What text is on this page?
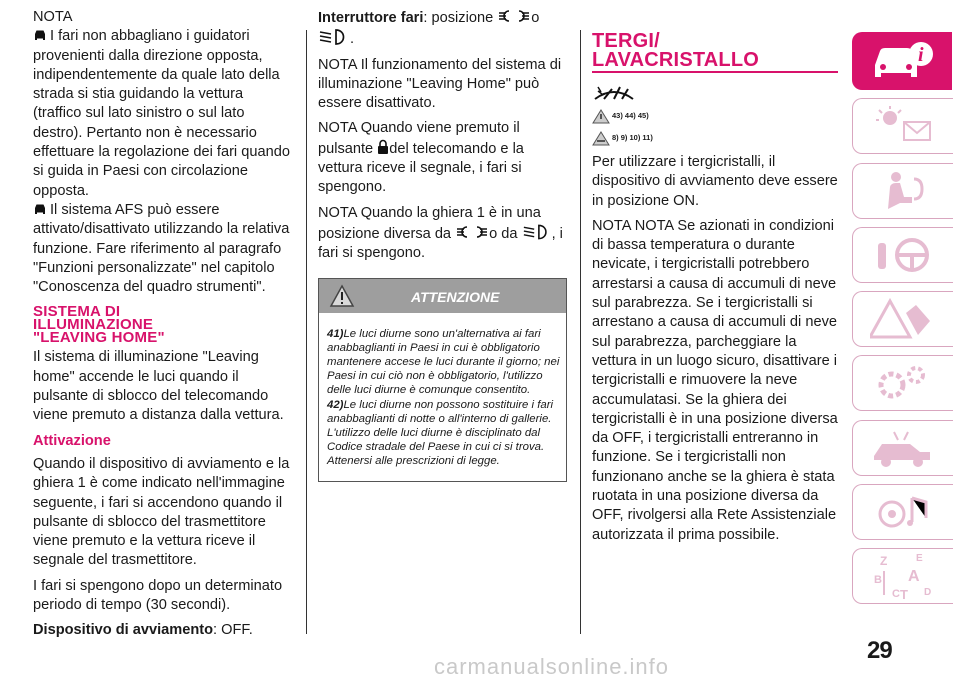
NOTA

I fari non abbagliano i guidatori provenienti dalla direzione opposta, indipendentemente da quale lato della strada si stia guidando la vettura (traffico sul lato sinistro o sul lato destro). Pertanto non è necessario effettuare la regolazione dei fari quando si guida in Paesi con circolazione opposta.

Il sistema AFS può essere attivato/disattivato utilizzando la relativa funzione. Fare riferimento al paragrafo "Funzioni personalizzate" nel capitolo "Conoscenza del quadro strumenti".

SISTEMA DI
ILLUMINAZIONE
"LEAVING HOME"

Il sistema di illuminazione "Leaving home" accende le luci quando il pulsante di sblocco del telecomando viene premuto a distanza dalla vettura.

Attivazione

Quando il dispositivo di avviamento e la ghiera 1 è come indicato nell'immagine seguente, i fari si accendono quando il pulsante di sblocco del trasmettitore viene premuto e la vettura riceve il segnale del trasmettitore.

I fari si spengono dopo un determinato periodo di tempo (30 secondi).

Dispositivo di avviamento: OFF.

Interruttore fari: posizione	o
.

NOTA Il funzionamento del sistema di illuminazione "Leaving Home" può essere disattivato.

NOTA Quando viene premuto il pulsante del telecomando e la vettura riceve il segnale, i fari si spengono.

NOTA Quando la ghiera 1 è in una posizione diversa da	o da , i fari si spengono.

ATTENZIONE
41)Le luci diurne sono un'alternativa ai fari anabbaglianti in Paesi in cui è obbligatorio mantenere accese le luci durante il giorno; nei Paesi in cui ciò non è obbligatorio, l'utilizzo delle luci diurne è comunque consentito.
42)Le luci diurne non possono sostituire i fari anabbaglianti di notte o all'interno di gallerie. L'utilizzo delle luci diurne è disciplinato dal Codice stradale del Paese in cui ci si trova. Attenersi alle prescrizioni di legge.
TERGI/
LAVACRISTALLO
43) 44) 45)
8) 9) 10) 11)

Per utilizzare i tergicristalli, il dispositivo di avviamento deve essere in posizione ON.

NOTA NOTA Se azionati in condizioni di bassa temperatura o durante nevicate, i tergicristalli potrebbero arrestarsi a causa di accumuli di neve sul parabrezza. Se i tergicristalli si arrestano a causa di accumuli di neve sul parabrezza, parcheggiare la vettura in un luogo sicuro, disattivare i tergicristalli e rimuovere la neve accumulatasi. Se la ghiera dei tergicristalli è in una posizione diversa da OFF, i tergicristalli entreranno in funzione. Se i tergicristalli non funzionano anche se la ghiera è stata ruotata in una posizione diversa da OFF, rivolgersi alla Rete Assistenziale autorizzata il prima possibile.

i
Z	E
B A
C T D
29
carmanualsonline.info
